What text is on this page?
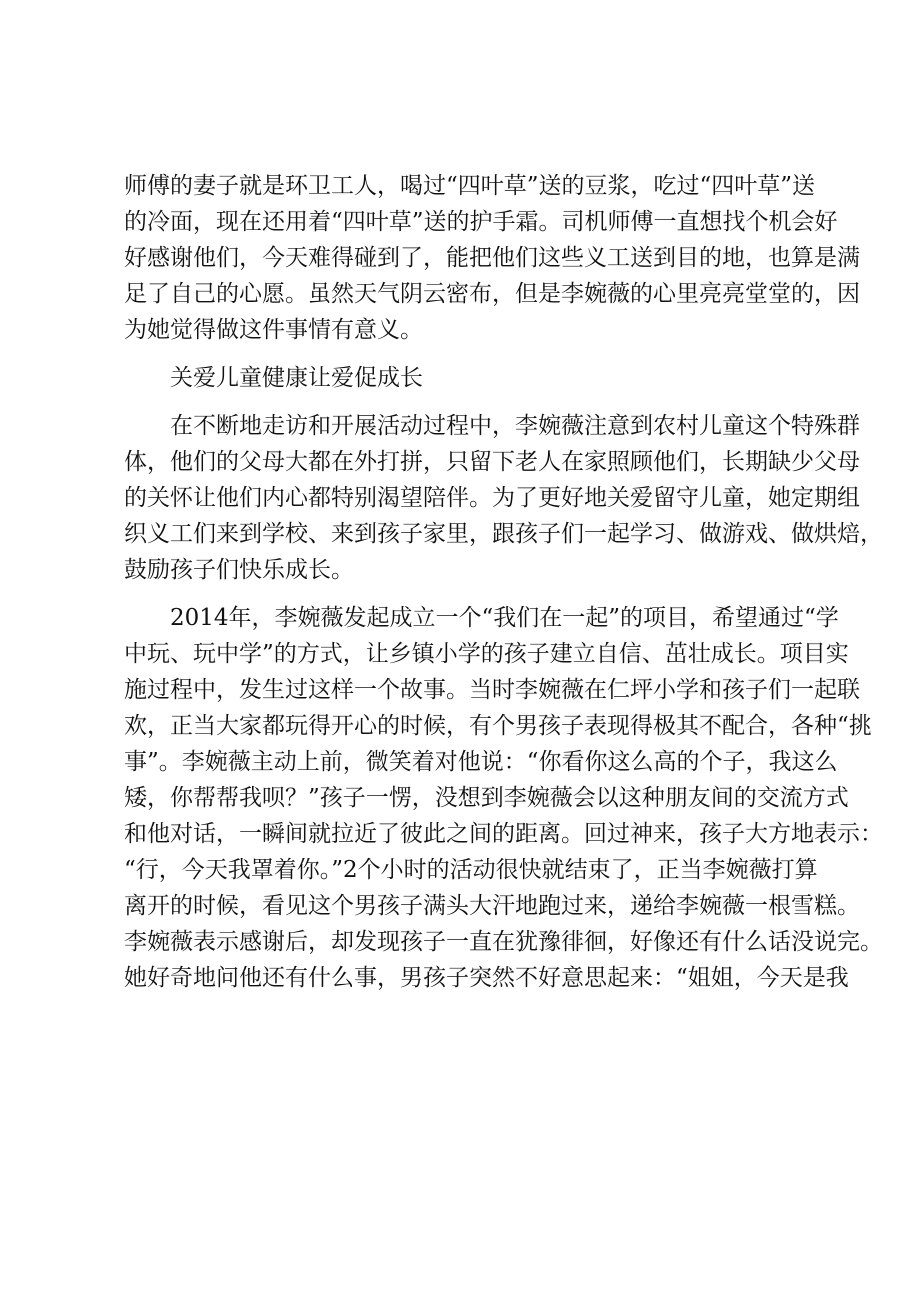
师傅的妻子就是环卫工人，喝过“四叶草”送的豆浆，吃过“四叶草”送
的冷面，现在还用着“四叶草”送的护手霜。司机师傅一直想找个机会好
好感谢他们，今天难得碰到了，能把他们这些义工送到目的地，也算是满
足了自己的心愿。虽然天气阴云密布，但是李婉薇的心里亮亮堂堂的，因
为她觉得做这件事情有意义。
关爱儿童健康让爱促成长
在不断地走访和开展活动过程中，李婉薇注意到农村儿童这个特殊群
体，他们的父母大都在外打拼，只留下老人在家照顾他们，长期缺少父母
的关怀让他们内心都特别渴望陪伴。为了更好地关爱留守儿童，她定期组
织义工们来到学校、来到孩子家里，跟孩子们一起学习、做游戏、做烘焙，
鼓励孩子们快乐成长。
2014年，李婉薇发起成立一个“我们在一起”的项目，希望通过“学
中玩、玩中学”的方式，让乡镇小学的孩子建立自信、茁壮成长。项目实
施过程中，发生过这样一个故事。当时李婉薇在仁坪小学和孩子们一起联
欢，正当大家都玩得开心的时候，有个男孩子表现得极其不配合，各种“挑
事”。李婉薇主动上前，微笑着对他说：“你看你这么高的个子，我这么
矮，你帮帮我呗？”孩子一愣，没想到李婉薇会以这种朋友间的交流方式
和他对话，一瞬间就拉近了彼此之间的距离。回过神来，孩子大方地表示：
“行，今天我罩着你。”2个小时的活动很快就结束了，正当李婉薇打算
离开的时候，看见这个男孩子满头大汗地跑过来，递给李婉薇一根雪糕。
李婉薇表示感谢后，却发现孩子一直在犹豫徘徊，好像还有什么话没说完。
她好奇地问他还有什么事，男孩子突然不好意思起来：“姐姐，今天是我
